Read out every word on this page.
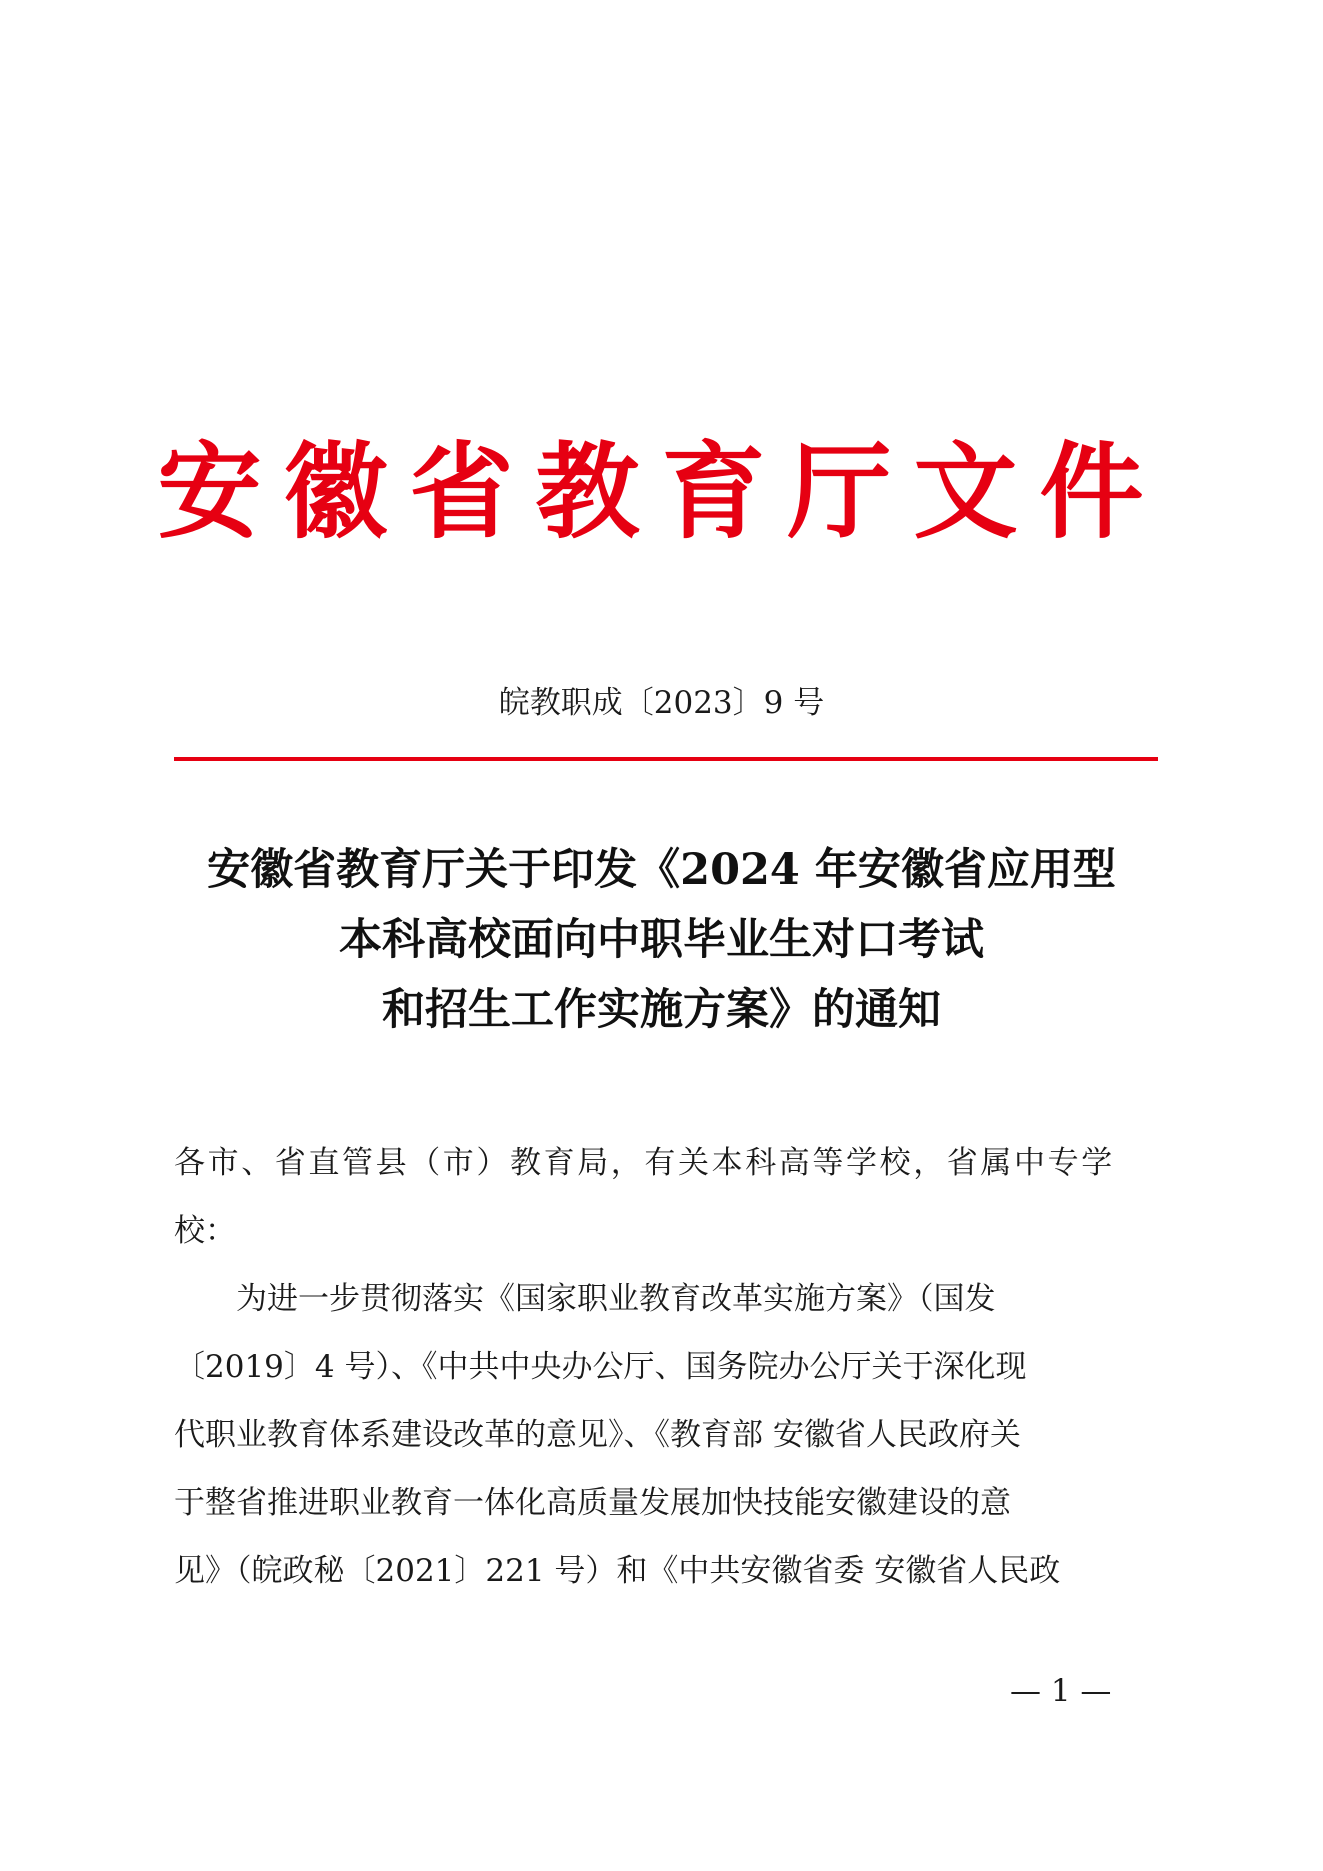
安徽省教育厅文件
皖教职成〔2023〕9 号
安徽省教育厅关于印发《2024 年安徽省应用型
本科高校面向中职毕业生对口考试
和招生工作实施方案》的通知
各市、省直管县（市）教育局，有关本科高等学校，省属中专学
校：
　　为进一步贯彻落实《国家职业教育改革实施方案》（国发
〔2019〕4 号）、《中共中央办公厅、国务院办公厅关于深化现
代职业教育体系建设改革的意见》、《教育部 安徽省人民政府关
于整省推进职业教育一体化高质量发展加快技能安徽建设的意
见》（皖政秘〔2021〕221 号）和《中共安徽省委 安徽省人民政
— 1 —
